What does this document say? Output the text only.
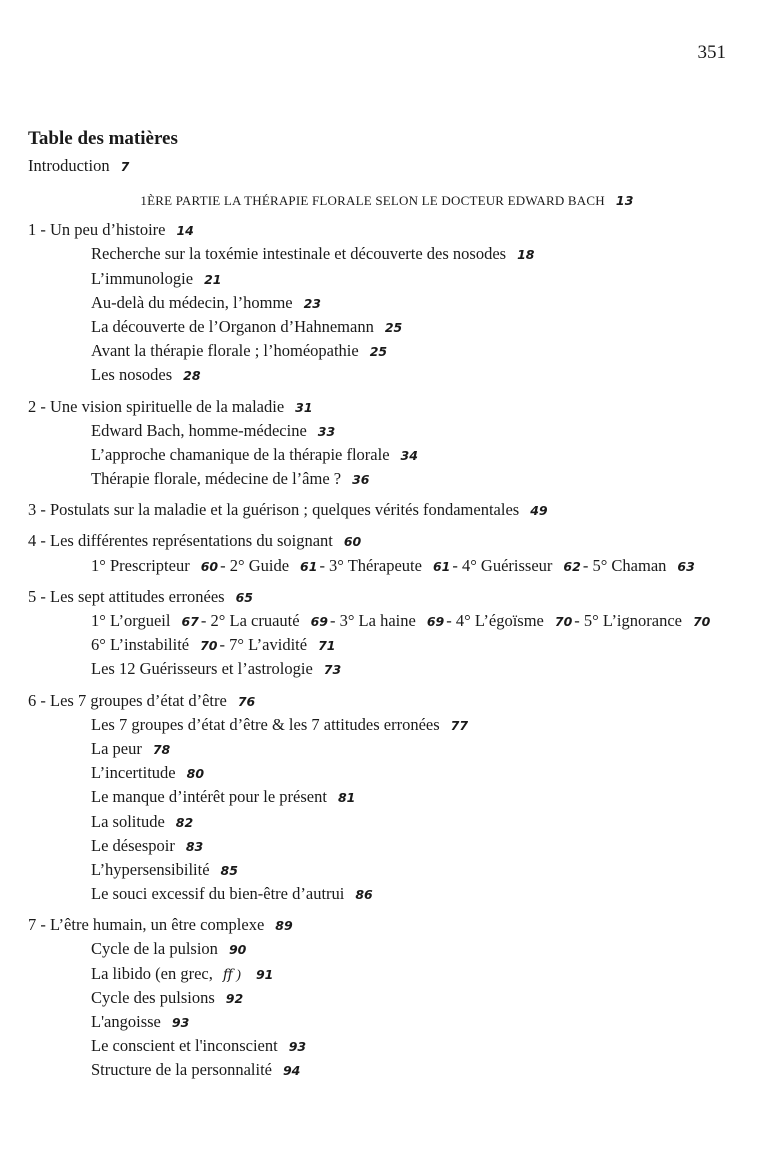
351
Table des matières
Introduction 7
1ÈRE PARTIE LA THÉRAPIE FLORALE SELON LE DOCTEUR EDWARD BACH 13
1 - Un peu d’histoire 14
Recherche sur la toxémie intestinale et découverte des nosodes 18
L’immunologie 21
Au-delà du médecin, l’homme 23
La découverte de l’Organon d’Hahnemann 25
Avant la thérapie florale ; l’homéopathie 25
Les nosodes 28
2 - Une vision spirituelle de la maladie 31
Edward Bach, homme-médecine 33
L’approche chamanique de la thérapie florale 34
Thérapie florale, médecine de l’âme ? 36
3 - Postulats sur la maladie et la guérison ; quelques vérités fondamentales 49
4 - Les différentes représentations du soignant 60
1° Prescripteur 60 - 2° Guide 61 - 3° Thérapeute 61 - 4° Guérisseur 62 - 5° Chaman 63
5 - Les sept attitudes erronées 65
1° L’orgueil 67 - 2° La cruauté 69 - 3° La haine 69 - 4° L’égoïsme 70 - 5° L’ignorance 70
6° L’instabilité 70 - 7° L’avidité 71
Les 12 Guérisseurs et l’astrologie 73
6 - Les 7 groupes d’état d’être 76
Les 7 groupes d’état d’être & les 7 attitudes erronées 77
La peur 78
L’incertitude 80
Le manque d’intérêt pour le présent 81
La solitude 82
Le désespoir 83
L’hypersensibilité 85
Le souci excessif du bien-être d’autrui 86
7 - L’être humain, un être complexe 89
Cycle de la pulsion 90
La libido (en grec, ﬀ ) 91
Cycle des pulsions 92
L'angoisse 93
Le conscient et l'inconscient 93
Structure de la personnalité 94
